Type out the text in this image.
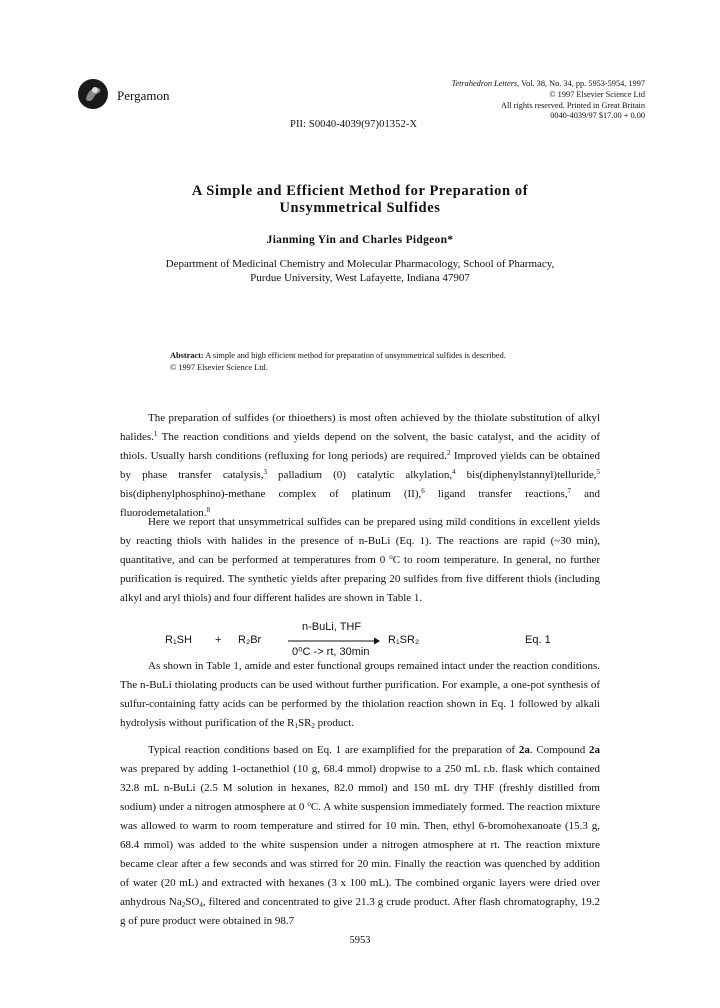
Pergamon
Tetrahedron Letters, Vol. 38, No. 34, pp. 5953-5954, 1997
© 1997 Elsevier Science Ltd
All rights reserved. Printed in Great Britain
0040-4039/97 $17.00 + 0.00
PII: S0040-4039(97)01352-X
A Simple and Efficient Method for Preparation of
Unsymmetrical Sulfides
Jianming Yin and Charles Pidgeon*
Department of Medicinal Chemistry and Molecular Pharmacology, School of Pharmacy,
Purdue University, West Lafayette, Indiana 47907
Abstract: A simple and high efficient method for preparation of unsymmetrical sulfides is described.
© 1997 Elsevier Science Ltd.
The preparation of sulfides (or thioethers) is most often achieved by the thiolate substitution of alkyl halides.$^1$ The reaction conditions and yields depend on the solvent, the basic catalyst, and the acidity of thiols. Usually harsh conditions (refluxing for long periods) are required.$^2$ Improved yields can be obtained by phase transfer catalysis,$^3$ palladium (0) catalytic alkylation,$^4$ bis(diphenylstannyl)telluride,$^5$ bis(diphenylphosphino)-methane complex of platinum (II),$^6$ ligand transfer reactions,$^7$ and fluorodemetalation.$^8$
Here we report that unsymmetrical sulfides can be prepared using mild conditions in excellent yields by reacting thiols with halides in the presence of n-BuLi (Eq. 1). The reactions are rapid (~30 min), quantitative, and can be performed at temperatures from 0 $^o$C to room temperature. In general, no further purification is required. The synthetic yields after preparing 20 sulfides from five different thiols (including alkyl and aryl thiols) and four different halides are shown in Table 1.
R₁SH + R₂Br
n-BuLi, THF
0⁰C -> rt, 30min
R₁SR₂	Eq. 1
As shown in Table 1, amide and ester functional groups remained intact under the reaction conditions. The n-BuLi thiolating products can be used without further purification. For example, a one-pot synthesis of sulfur-containing fatty acids can be performed by the thiolation reaction shown in Eq. 1 followed by alkali hydrolysis without purification of the $R_1SR_2$ product.
Typical reaction conditions based on Eq. 1 are examplified for the preparation of 2a. Compound 2a was prepared by adding 1-octanethiol (10 g, 68.4 mmol) dropwise to a 250 mL r.b. flask which contained 32.8 mL n-BuLi (2.5 M solution in hexanes, 82.0 mmol) and 150 mL dry THF (freshly distilled from sodium) under a nitrogen atmosphere at 0 $^o$C. A white suspension immediately formed. The reaction mixture was allowed to warm to room temperature and stirred for 10 min. Then, ethyl 6-bromohexanoate (15.3 g, 68.4 mmol) was added to the white suspension under a nitrogen atmosphere at rt. The reaction mixture became clear after a few seconds and was stirred for 20 min. Finally the reaction was quenched by addition of water (20 mL) and extracted with hexanes (3 x 100 mL). The combined organic layers were dried over anhydrous $Na_2SO_4$, filtered and concentrated to give 21.3 g crude product. After flash chromatography, 19.2 g of pure product were obtained in 98.7
5953
